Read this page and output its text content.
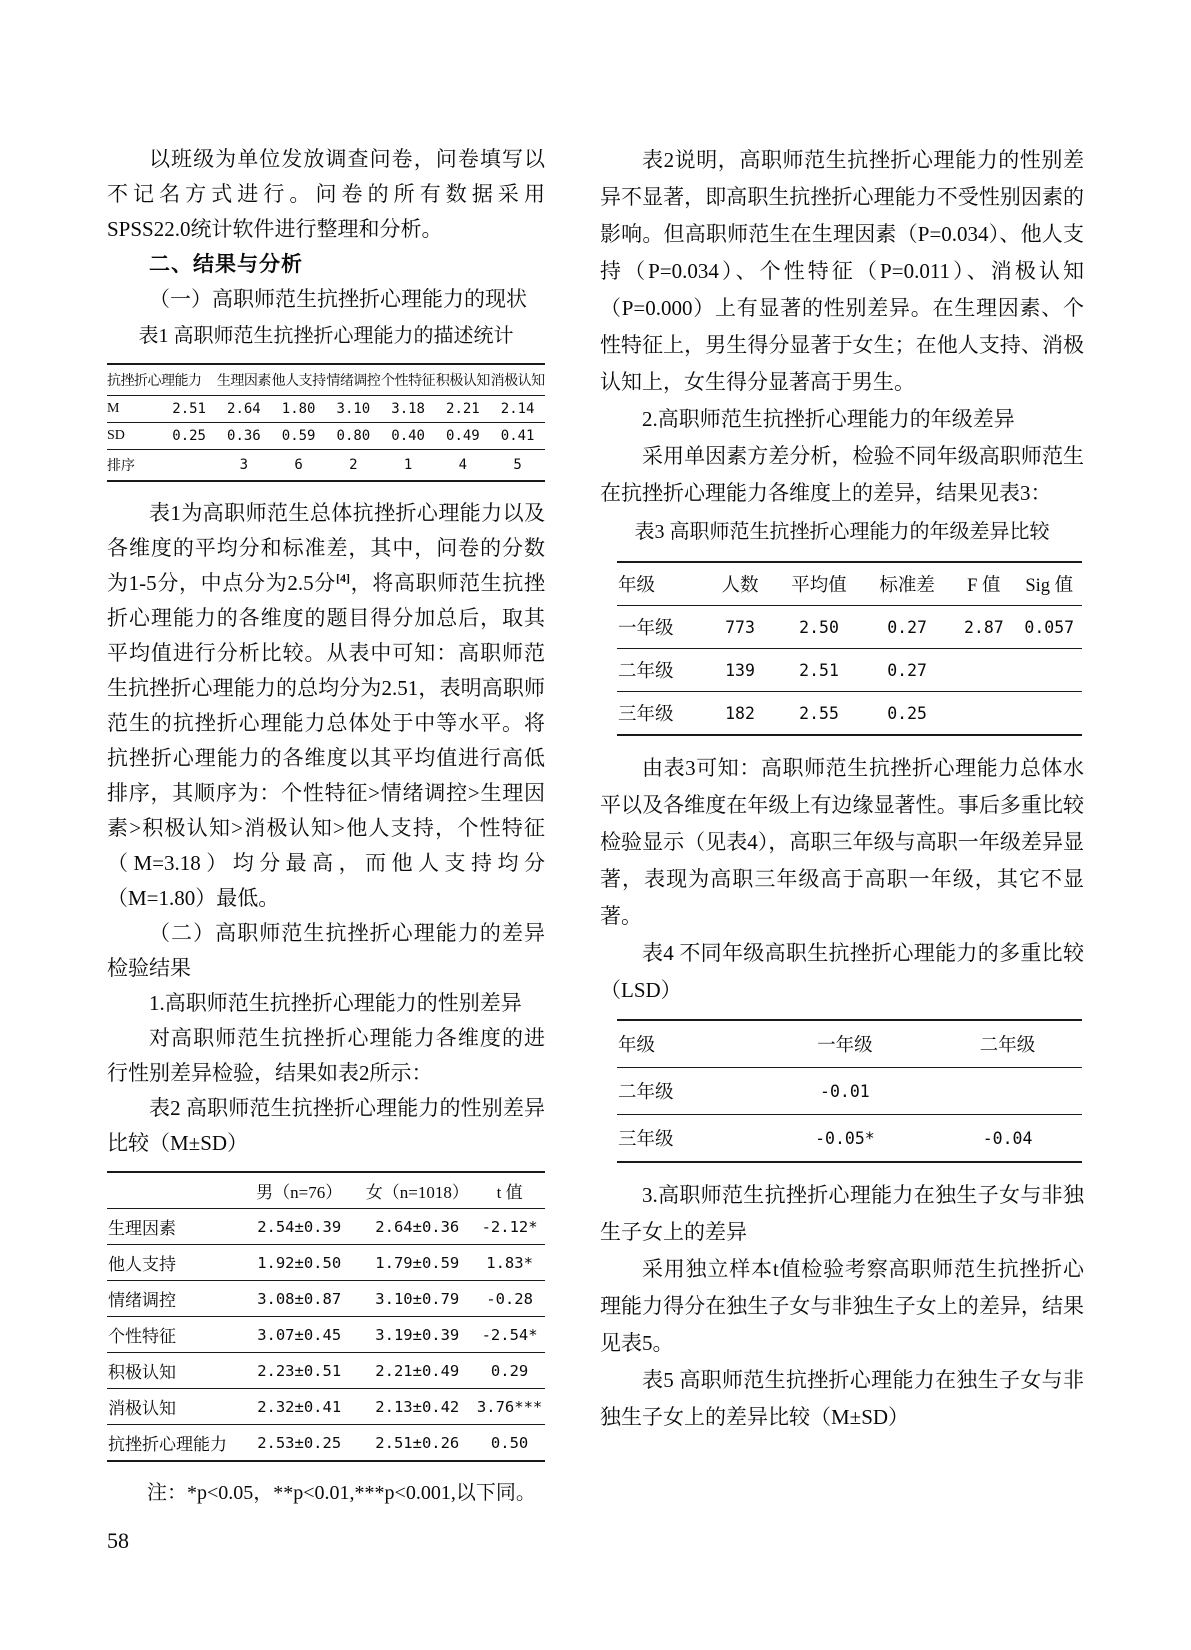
以班级为单位发放调查问卷，问卷填写以不记名方式进行。问卷的所有数据采用SPSS22.0统计软件进行整理和分析。

二、结果与分析

（一）高职师范生抗挫折心理能力的现状

表1 高职师范生抗挫折心理能力的描述统计

抗挫折心理能力		生理因素	他人支持	情绪调控	个性特征	积极认知	消极认知
M	2.51	2.64	1.80	3.10	3.18	2.21	2.14
SD	0.25	0.36	0.59	0.80	0.40	0.49	0.41
排序		3	6	2	1	4	5

表1为高职师范生总体抗挫折心理能力以及各维度的平均分和标准差，其中，问卷的分数为1-5分，中点分为2.5分[4]，将高职师范生抗挫折心理能力的各维度的题目得分加总后，取其平均值进行分析比较。从表中可知：高职师范生抗挫折心理能力的总均分为2.51，表明高职师范生的抗挫折心理能力总体处于中等水平。将抗挫折心理能力的各维度以其平均值进行高低排序，其顺序为：个性特征>情绪调控>生理因素>积极认知>消极认知>他人支持，个性特征（M=3.18）均分最高，而他人支持均分（M=1.80）最低。

（二）高职师范生抗挫折心理能力的差异检验结果

1.高职师范生抗挫折心理能力的性别差异

对高职师范生抗挫折心理能力各维度的进行性别差异检验，结果如表2所示：

表2 高职师范生抗挫折心理能力的性别差异比较（M±SD）

	男（n=76）	女（n=1018）	t 值
生理因素	2.54±0.39	2.64±0.36	-2.12*
他人支持	1.92±0.50	1.79±0.59	1.83*
情绪调控	3.08±0.87	3.10±0.79	-0.28
个性特征	3.07±0.45	3.19±0.39	-2.54*
积极认知	2.23±0.51	2.21±0.49	0.29
消极认知	2.32±0.41	2.13±0.42	3.76***
抗挫折心理能力	2.53±0.25	2.51±0.26	0.50

注：*p<0.05，**p<0.01,***p<0.001,以下同。

表2说明，高职师范生抗挫折心理能力的性别差异不显著，即高职生抗挫折心理能力不受性别因素的影响。但高职师范生在生理因素（P=0.034）、他人支持（P=0.034）、个性特征（P=0.011）、消极认知（P=0.000）上有显著的性别差异。在生理因素、个性特征上，男生得分显著于女生；在他人支持、消极认知上，女生得分显著高于男生。

2.高职师范生抗挫折心理能力的年级差异

采用单因素方差分析，检验不同年级高职师范生在抗挫折心理能力各维度上的差异，结果见表3：

表3 高职师范生抗挫折心理能力的年级差异比较

年级	人数	平均值	标准差	F 值	Sig 值
一年级	773	2.50	0.27	2.87	0.057
二年级	139	2.51	0.27		
三年级	182	2.55	0.25		

由表3可知：高职师范生抗挫折心理能力总体水平以及各维度在年级上有边缘显著性。事后多重比较检验显示（见表4），高职三年级与高职一年级差异显著，表现为高职三年级高于高职一年级，其它不显著。

表4 不同年级高职生抗挫折心理能力的多重比较（LSD）

年级	一年级	二年级
二年级	-0.01	
三年级	-0.05*	-0.04

3.高职师范生抗挫折心理能力在独生子女与非独生子女上的差异

采用独立样本t值检验考察高职师范生抗挫折心理能力得分在独生子女与非独生子女上的差异，结果见表5。

表5 高职师范生抗挫折心理能力在独生子女与非独生子女上的差异比较（M±SD）

58
